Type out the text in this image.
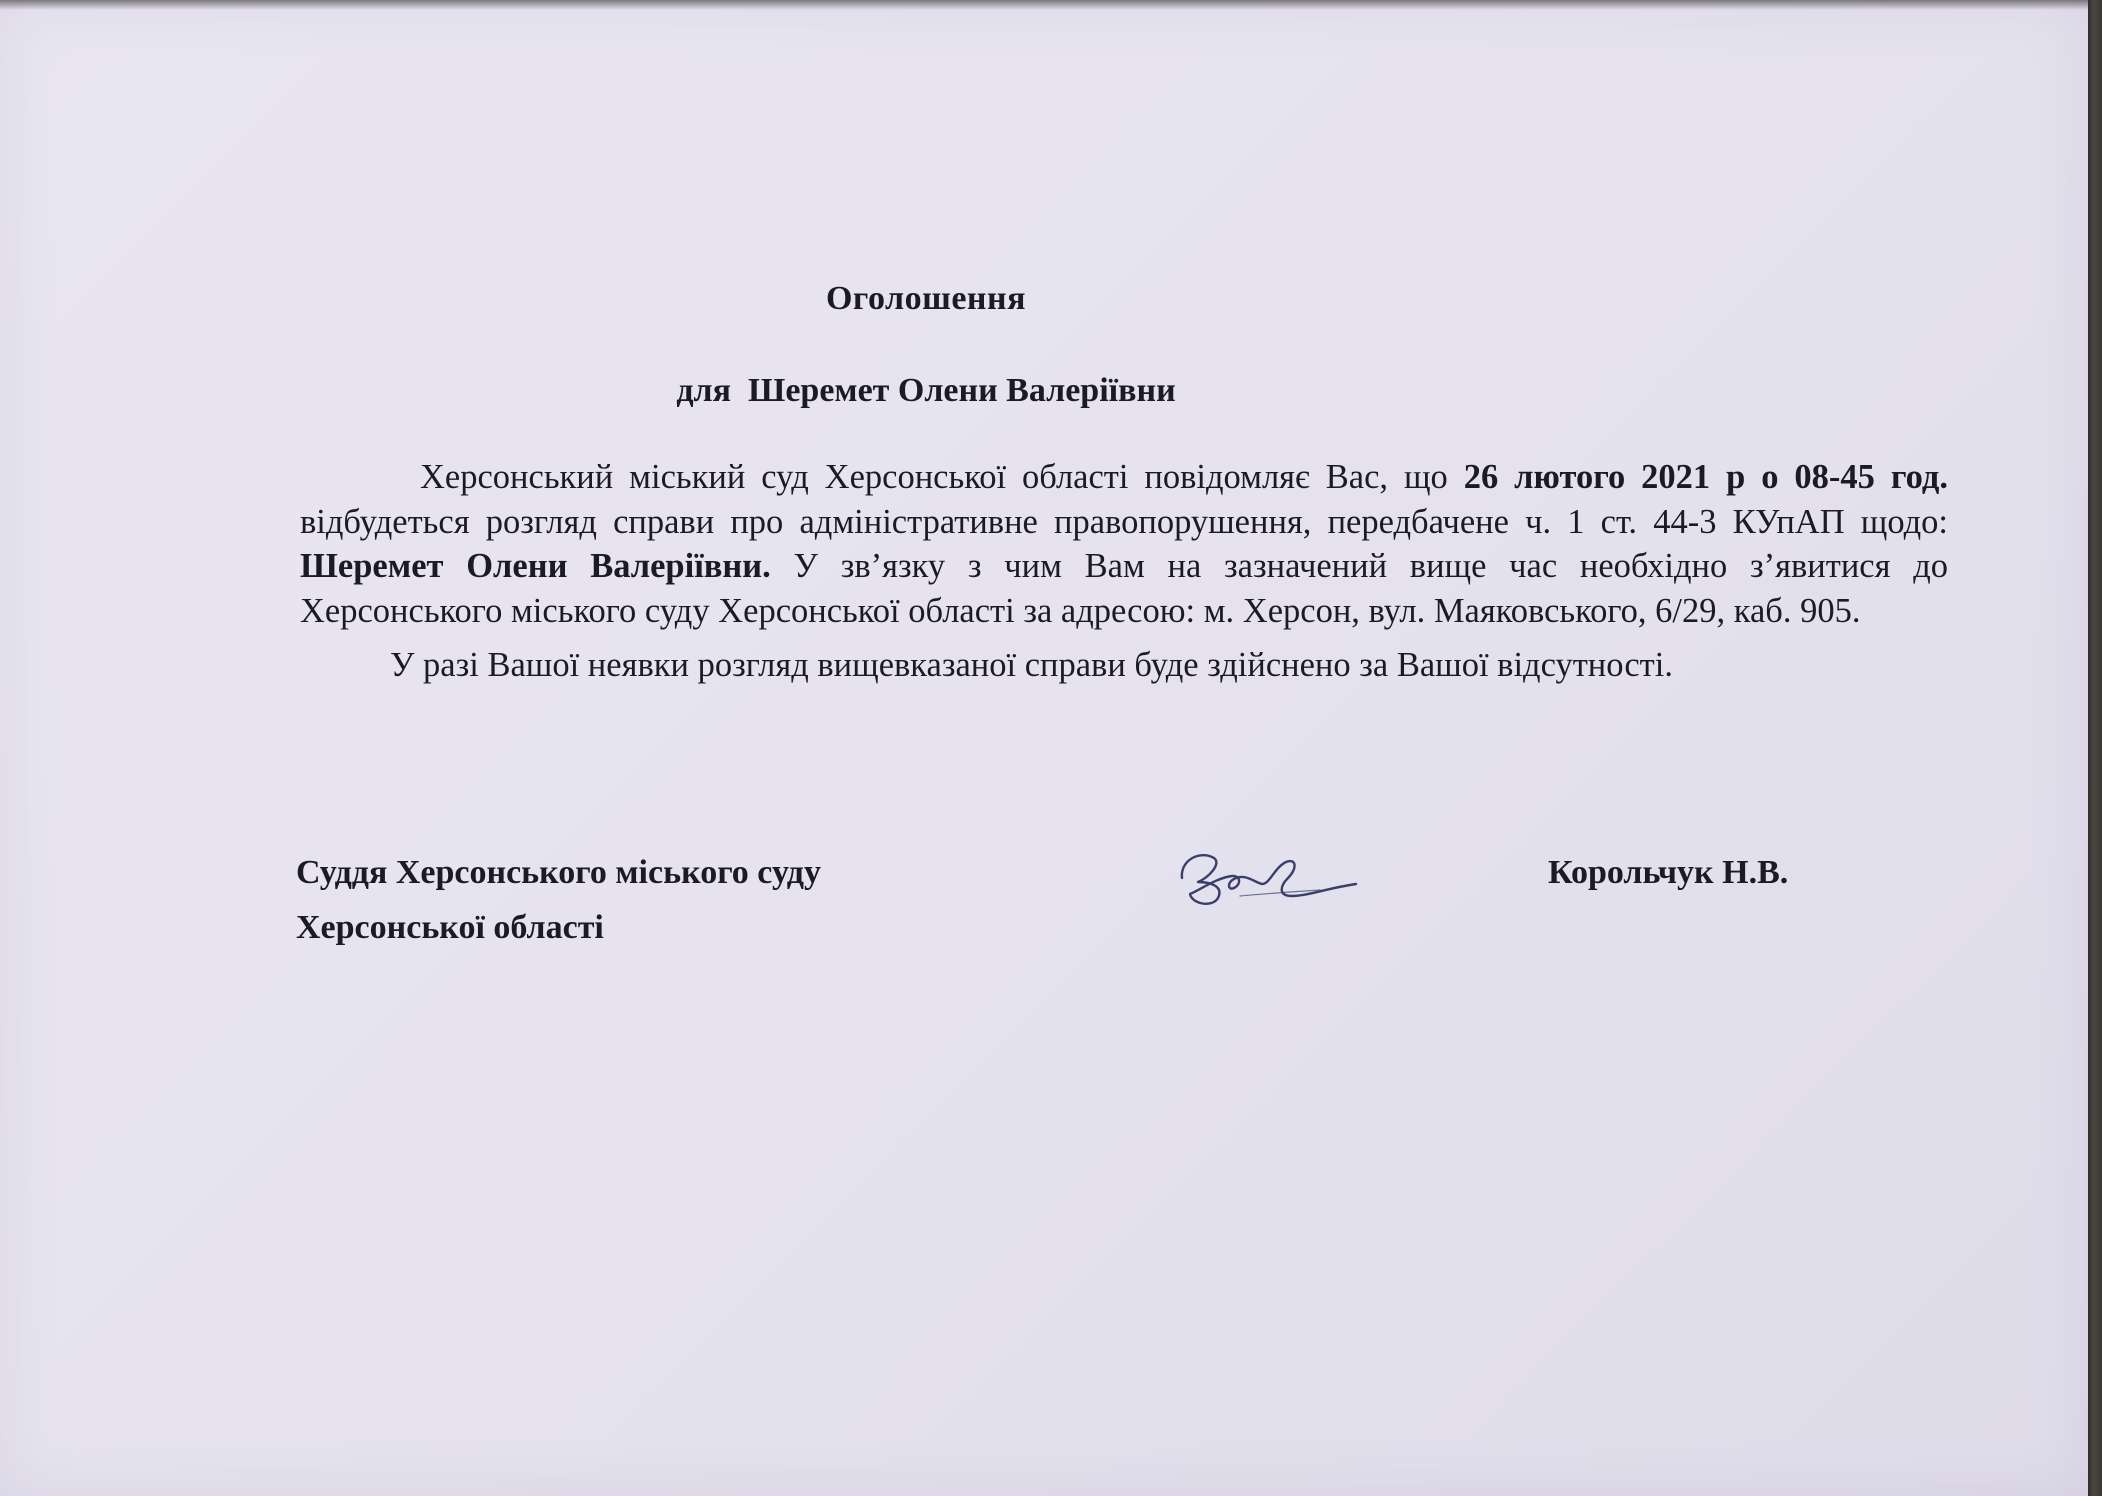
Оголошення
для  Шеремет Олени Валеріївни

Херсонський міський суд Херсонської області повідомляє Вас, що 26 лютого 2021 р о 08-45 год. відбудеться розгляд справи про адміністративне правопорушення, передбачене ч. 1 ст. 44-3 КУпАП щодо: Шеремет Олени Валеріївни. У зв’язку з чим Вам на зазначений вище час необхідно з’явитися до Херсонського міського суду Херсонської області за адресою: м. Херсон, вул. Маяковського, 6/29, каб. 905.

У разі Вашої неявки розгляд вищевказаної справи буде здійснено за Вашої відсутності.

Суддя Херсонського міського суду
Херсонської області
Корольчук Н.В.
